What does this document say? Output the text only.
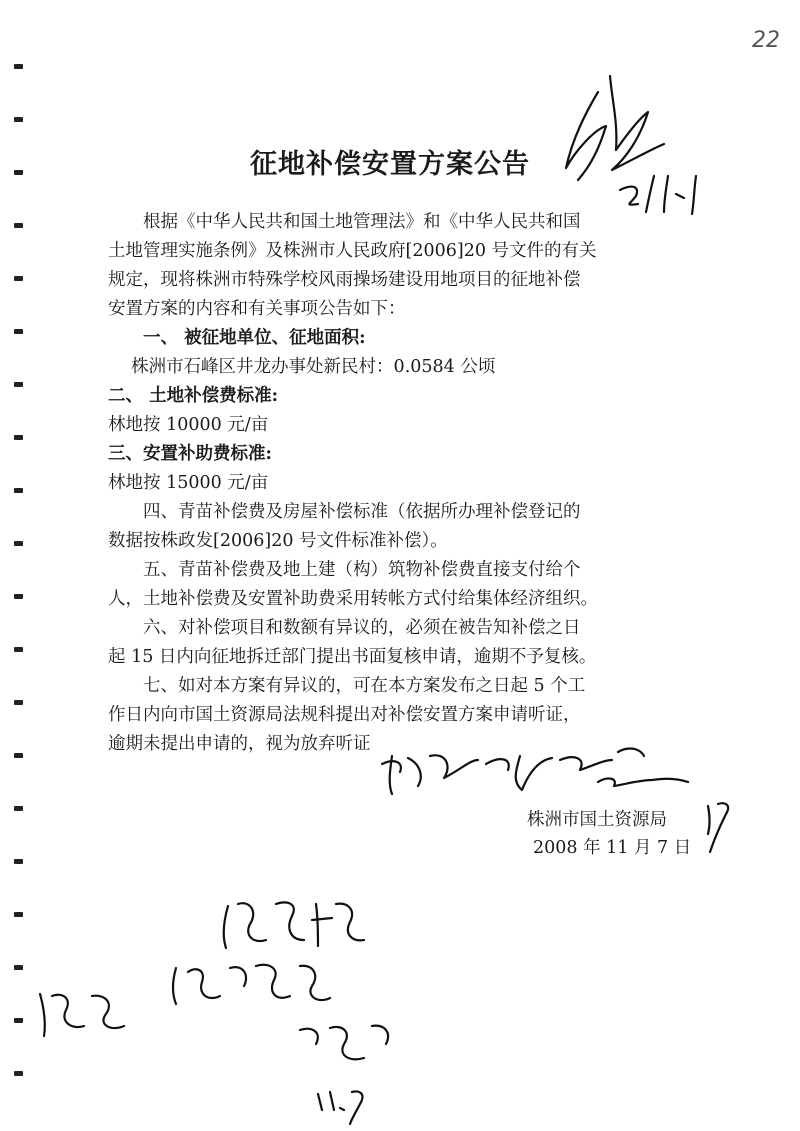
22
征地补偿安置方案公告
　　根据《中华人民共和国土地管理法》和《中华人民共和国
土地管理实施条例》及株洲市人民政府[2006]20 号文件的有关
规定，现将株洲市特殊学校风雨操场建设用地项目的征地补偿
安置方案的内容和有关事项公告如下：
　　一、 被征地单位、征地面积:
　 株洲市石峰区井龙办事处新民村：0.0584 公顷
二、 土地补偿费标准:
林地按 10000 元/亩
三、安置补助费标准:
林地按 15000 元/亩
　　四、青苗补偿费及房屋补偿标准（依据所办理补偿登记的
数据按株政发[2006]20 号文件标准补偿）。
　　五、青苗补偿费及地上建（构）筑物补偿费直接支付给个
人，土地补偿费及安置补助费采用转帐方式付给集体经济组织。
　　六、对补偿项目和数额有异议的，必须在被告知补偿之日
起 15 日内向征地拆迁部门提出书面复核申请，逾期不予复核。
　　七、如对本方案有异议的，可在本方案发布之日起 5 个工
作日内向市国土资源局法规科提出对补偿安置方案申请听证，
逾期未提出申请的，视为放弃听证
株洲市国土资源局
2008 年 11 月 7 日
